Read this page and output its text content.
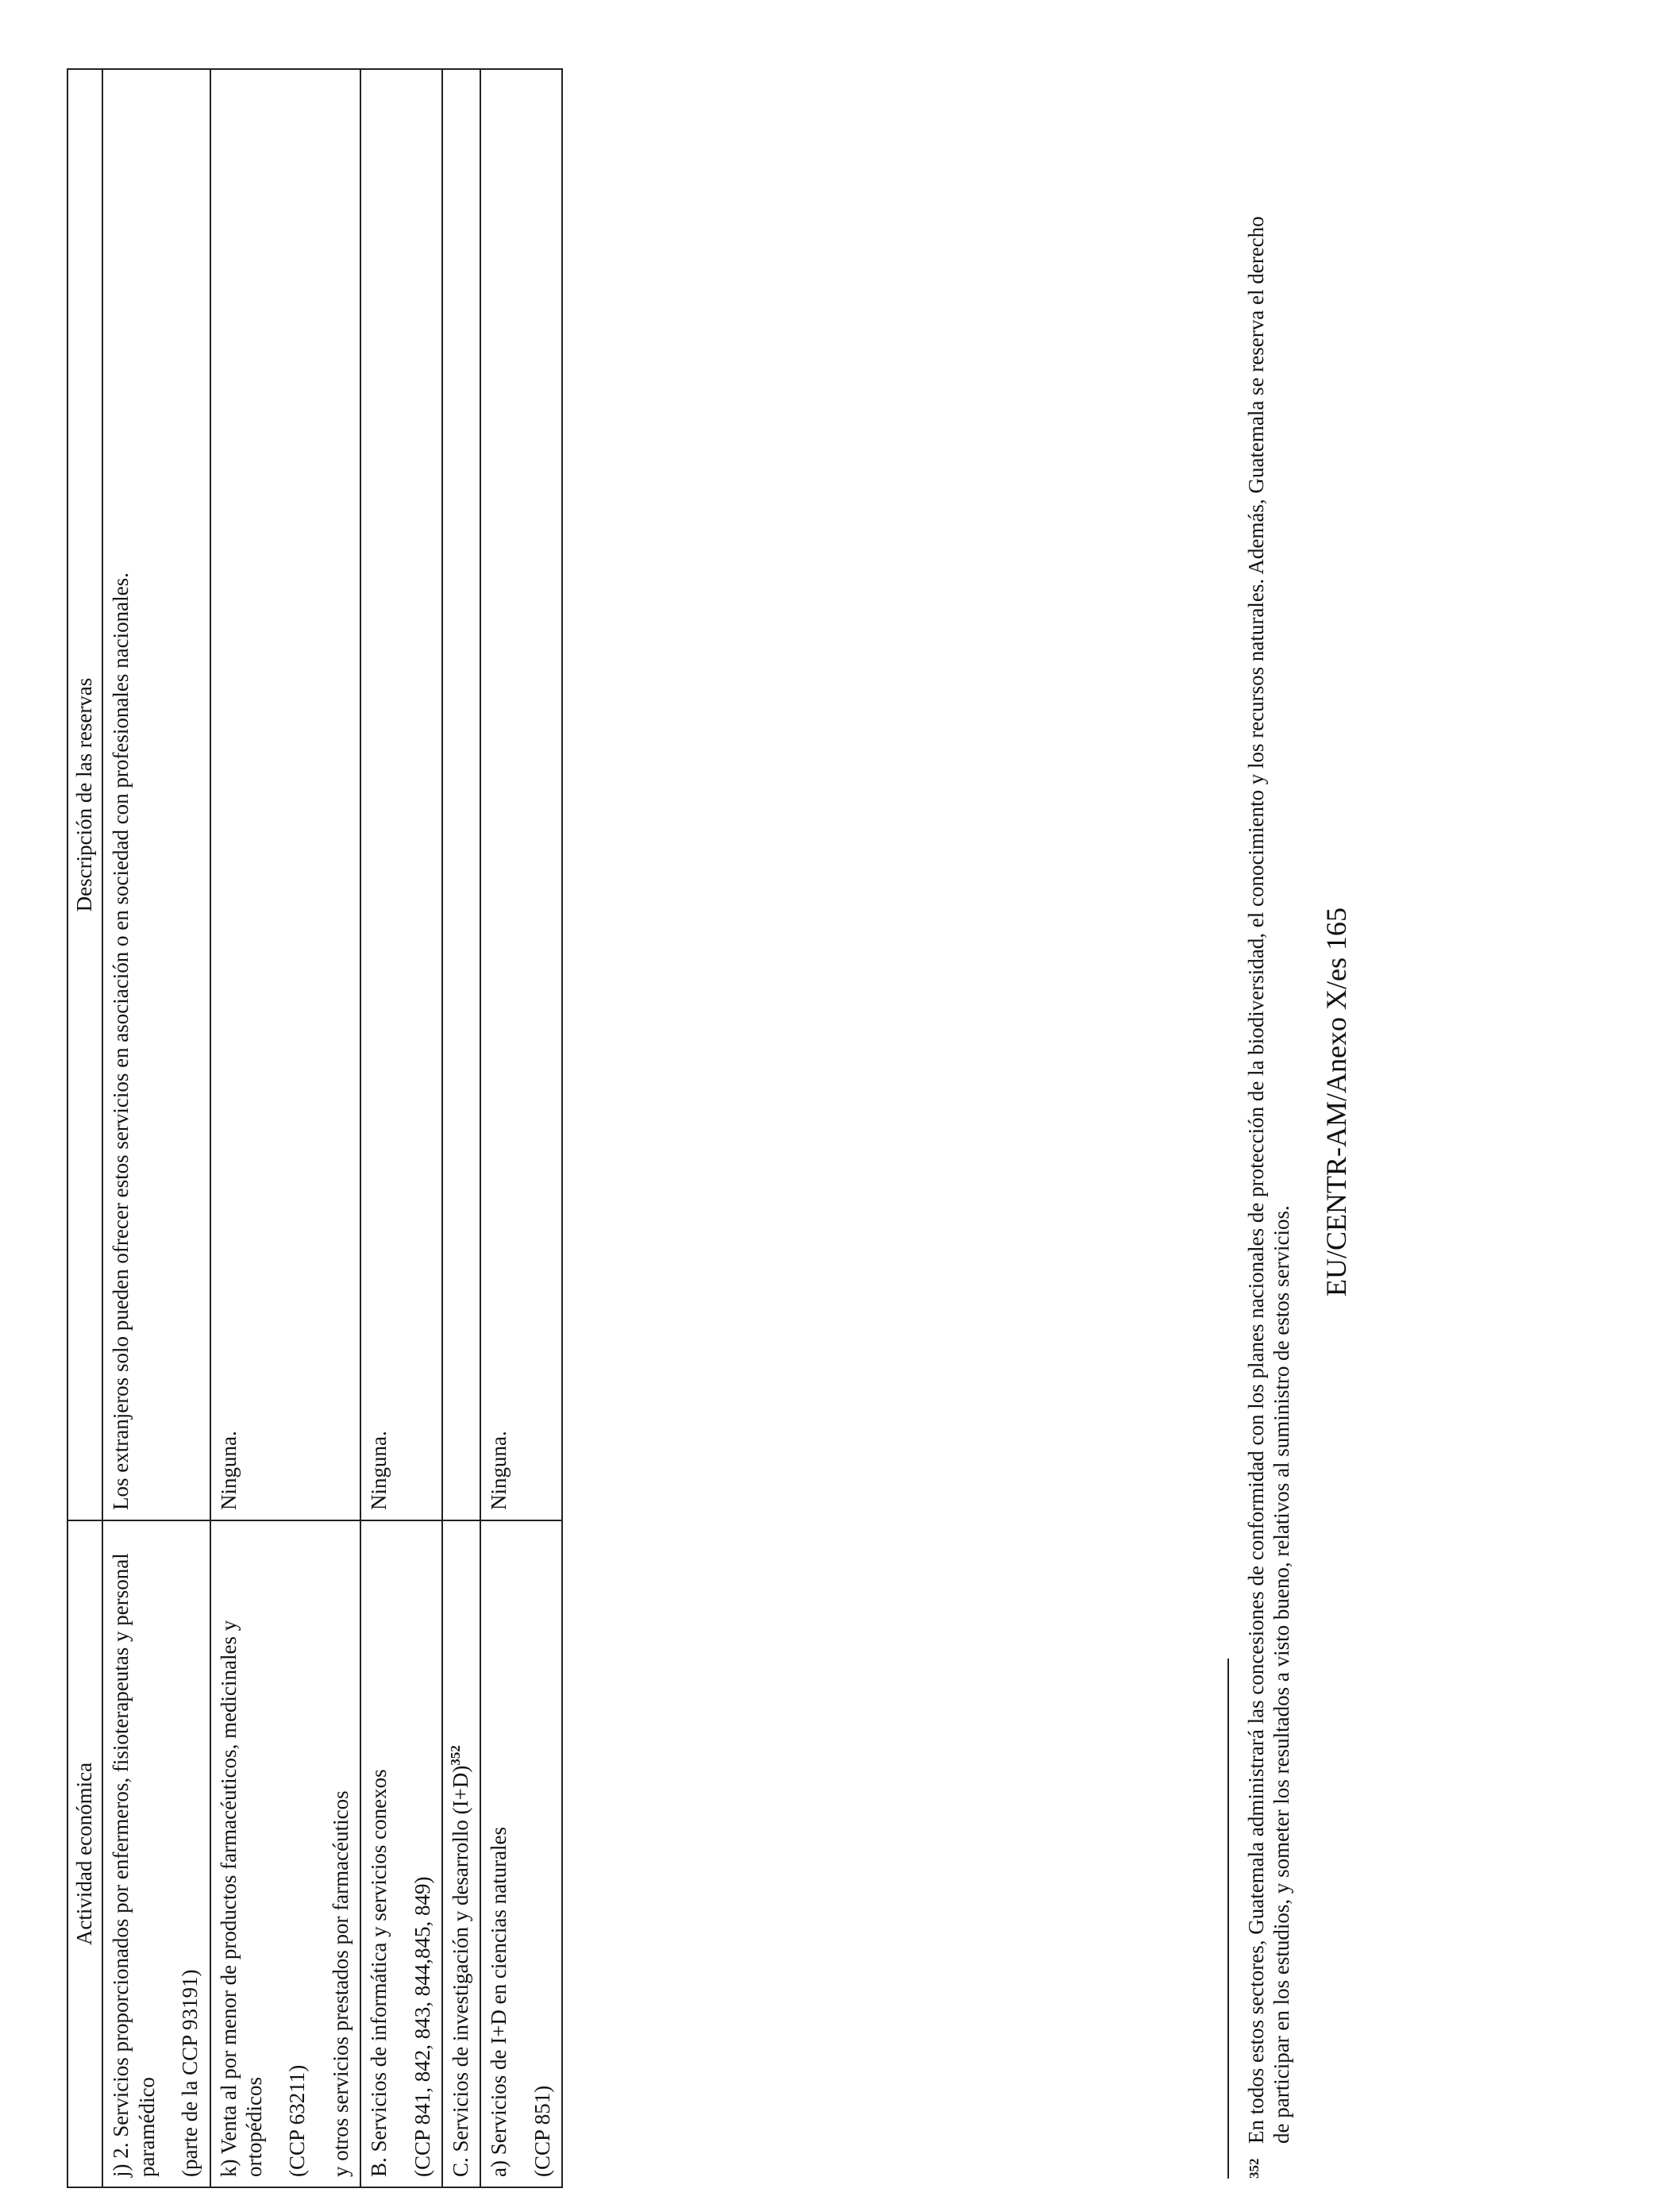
Actividad económica	Descripción de las reservas

j) 2. Servicios proporcionados por enfermeros, fisioterapeutas y personal paramédico (parte de la CCP 93191)	Los extranjeros solo pueden ofrecer estos servicios en asociación o en sociedad con profesionales nacionales.

k) Venta al por menor de productos farmacéuticos, medicinales y ortopédicos (CCP 63211) y otros servicios prestados por farmacéuticos	Ninguna.

B. Servicios de informática y servicios conexos (CCP 841, 842, 843, 844,845, 849)	Ninguna.

C. Servicios de investigación y desarrollo (I+D)$^{352}$	

a) Servicios de I+D en ciencias naturales (CCP 851)	Ninguna.

352
En todos estos sectores, Guatemala administrará las concesiones de conformidad con los planes nacionales de protección de la biodiversidad, el conocimiento y los recursos naturales. Además, Guatemala se reserva el derecho de participar en los estudios, y someter los resultados a visto bueno, relativos al suministro de estos servicios.
EU/CENTR-AM/Anexo X/es 165
